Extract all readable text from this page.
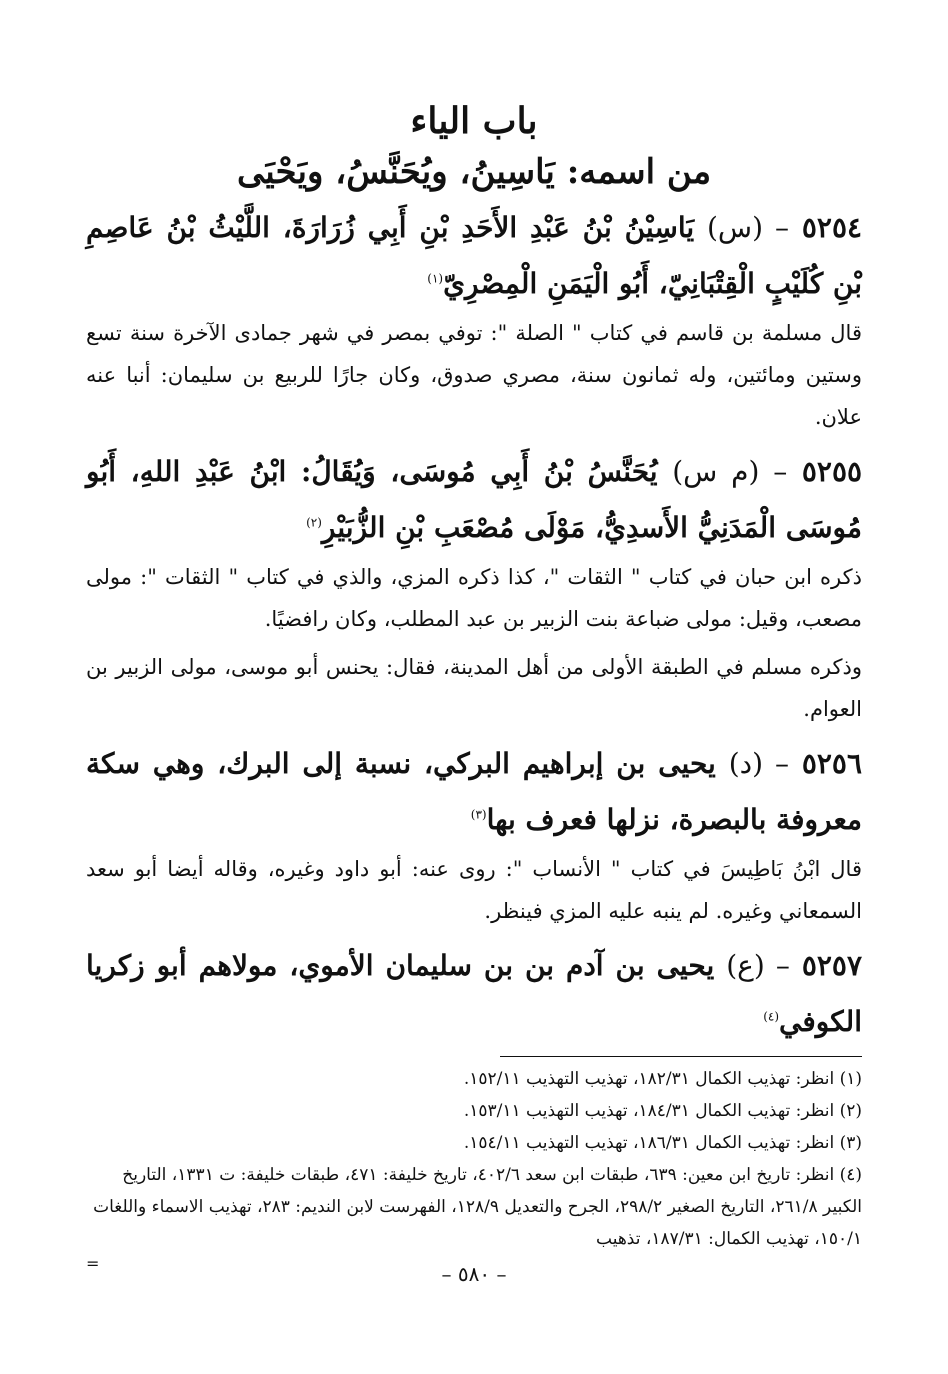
باب الياء
من اسمه: يَاسِينُ، ويُحَنَّسُ، ويَحْيَى

٥٢٥٤ – (س) يَاسِيْنُ بْنُ عَبْدِ الأَحَدِ بْنِ أَبِي زُرَارَةَ، اللَّيْثُ بْنُ عَاصِمِ بْنِ كُلَيْبٍ الْقِتْبَانِيّ، أَبُو الْيَمَنِ الْمِصْرِيّ$^{(١)}$

قال مسلمة بن قاسم في كتاب " الصلة ": توفي بمصر في شهر جمادى الآخرة سنة تسع وستين ومائتين، وله ثمانون سنة، مصري صدوق، وكان جارًا للربيع بن سليمان: أنبا عنه علان.

٥٢٥٥ – (م س) يُحَنَّسُ بْنُ أَبِي مُوسَى، وَيُقَالُ: ابْنُ عَبْدِ اللهِ، أَبُو مُوسَى الْمَدَنِيُّ الأَسدِيُّ، مَوْلَى مُصْعَبِ بْنِ الزُّبَيْرِ$^{(٢)}$

ذكره ابن حبان في كتاب " الثقات "، كذا ذكره المزي، والذي في كتاب " الثقات ": مولى مصعب، وقيل: مولى ضباعة بنت الزبير بن عبد المطلب، وكان رافضيًا.

وذكره مسلم في الطبقة الأولى من أهل المدينة، فقال: يحنس أبو موسى، مولى الزبير بن العوام.

٥٢٥٦ – (د) يحيى بن إبراهيم البركي، نسبة إلى البرك، وهي سكة معروفة بالبصرة، نزلها فعرف بها$^{(٣)}$

قال ابْنُ بَاطِيسَ في كتاب " الأنساب ": روى عنه: أبو داود وغيره، وقاله أيضا أبو سعد السمعاني وغيره. لم ينبه عليه المزي فينظر.

٥٢٥٧ – (ع) يحيى بن آدم بن بن سليمان الأموي، مولاهم أبو زكريا الكوفي$^{(٤)}$

(١) انظر: تهذيب الكمال ١٨٢/٣١، تهذيب التهذيب ١٥٢/١١.
(٢) انظر: تهذيب الكمال ١٨٤/٣١، تهذيب التهذيب ١٥٣/١١.
(٣) انظر: تهذيب الكمال ١٨٦/٣١، تهذيب التهذيب ١٥٤/١١.
(٤) انظر: تاريخ ابن معين: ٦٣٩، طبقات ابن سعد ٤٠٢/٦، تاريخ خليفة: ٤٧١، طبقات خليفة: ت ١٣٣١، التاريخ الكبير ٢٦١/٨، التاريخ الصغير ٢٩٨/٢، الجرح والتعديل ١٢٨/٩، الفهرست لابن النديم: ٢٨٣، تهذيب الاسماء واللغات ١٥٠/١، تهذيب الكمال: ١٨٧/٣١، تذهيب

=	– ٥٨٠ –
